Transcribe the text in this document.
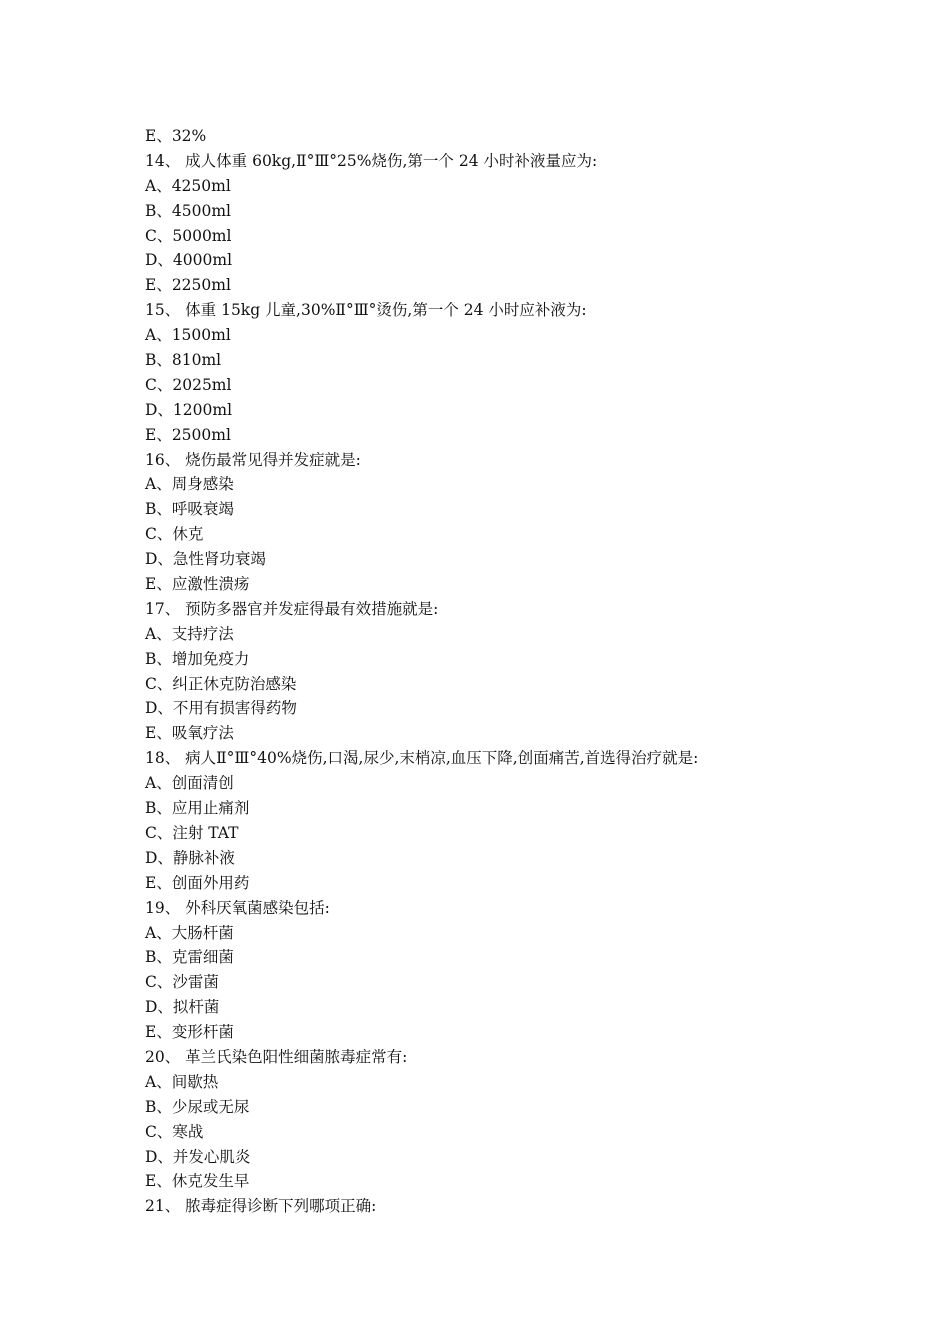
E、32%
14、 成人体重 60kg,Ⅱ°Ⅲ°25%烧伤,第一个 24 小时补液量应为:
A、4250ml
B、4500ml
C、5000ml
D、4000ml
E、2250ml
15、 体重 15kg 儿童,30%Ⅱ°Ⅲ°烫伤,第一个 24 小时应补液为:
A、1500ml
B、810ml
C、2025ml
D、1200ml
E、2500ml
16、 烧伤最常见得并发症就是:
A、周身感染
B、呼吸衰竭
C、休克
D、急性肾功衰竭
E、应激性溃疡
17、 预防多器官并发症得最有效措施就是:
A、支持疗法
B、增加免疫力
C、纠正休克防治感染
D、不用有损害得药物
E、吸氧疗法
18、 病人Ⅱ°Ⅲ°40%烧伤,口渴,尿少,末梢凉,血压下降,创面痛苦,首选得治疗就是:
A、创面清创
B、应用止痛剂
C、注射 TAT
D、静脉补液
E、创面外用药
19、 外科厌氧菌感染包括:
A、大肠杆菌
B、克雷细菌
C、沙雷菌
D、拟杆菌
E、变形杆菌
20、 革兰氏染色阳性细菌脓毒症常有:
A、间歇热
B、少尿或无尿
C、寒战
D、并发心肌炎
E、休克发生早
21、 脓毒症得诊断下列哪项正确:
